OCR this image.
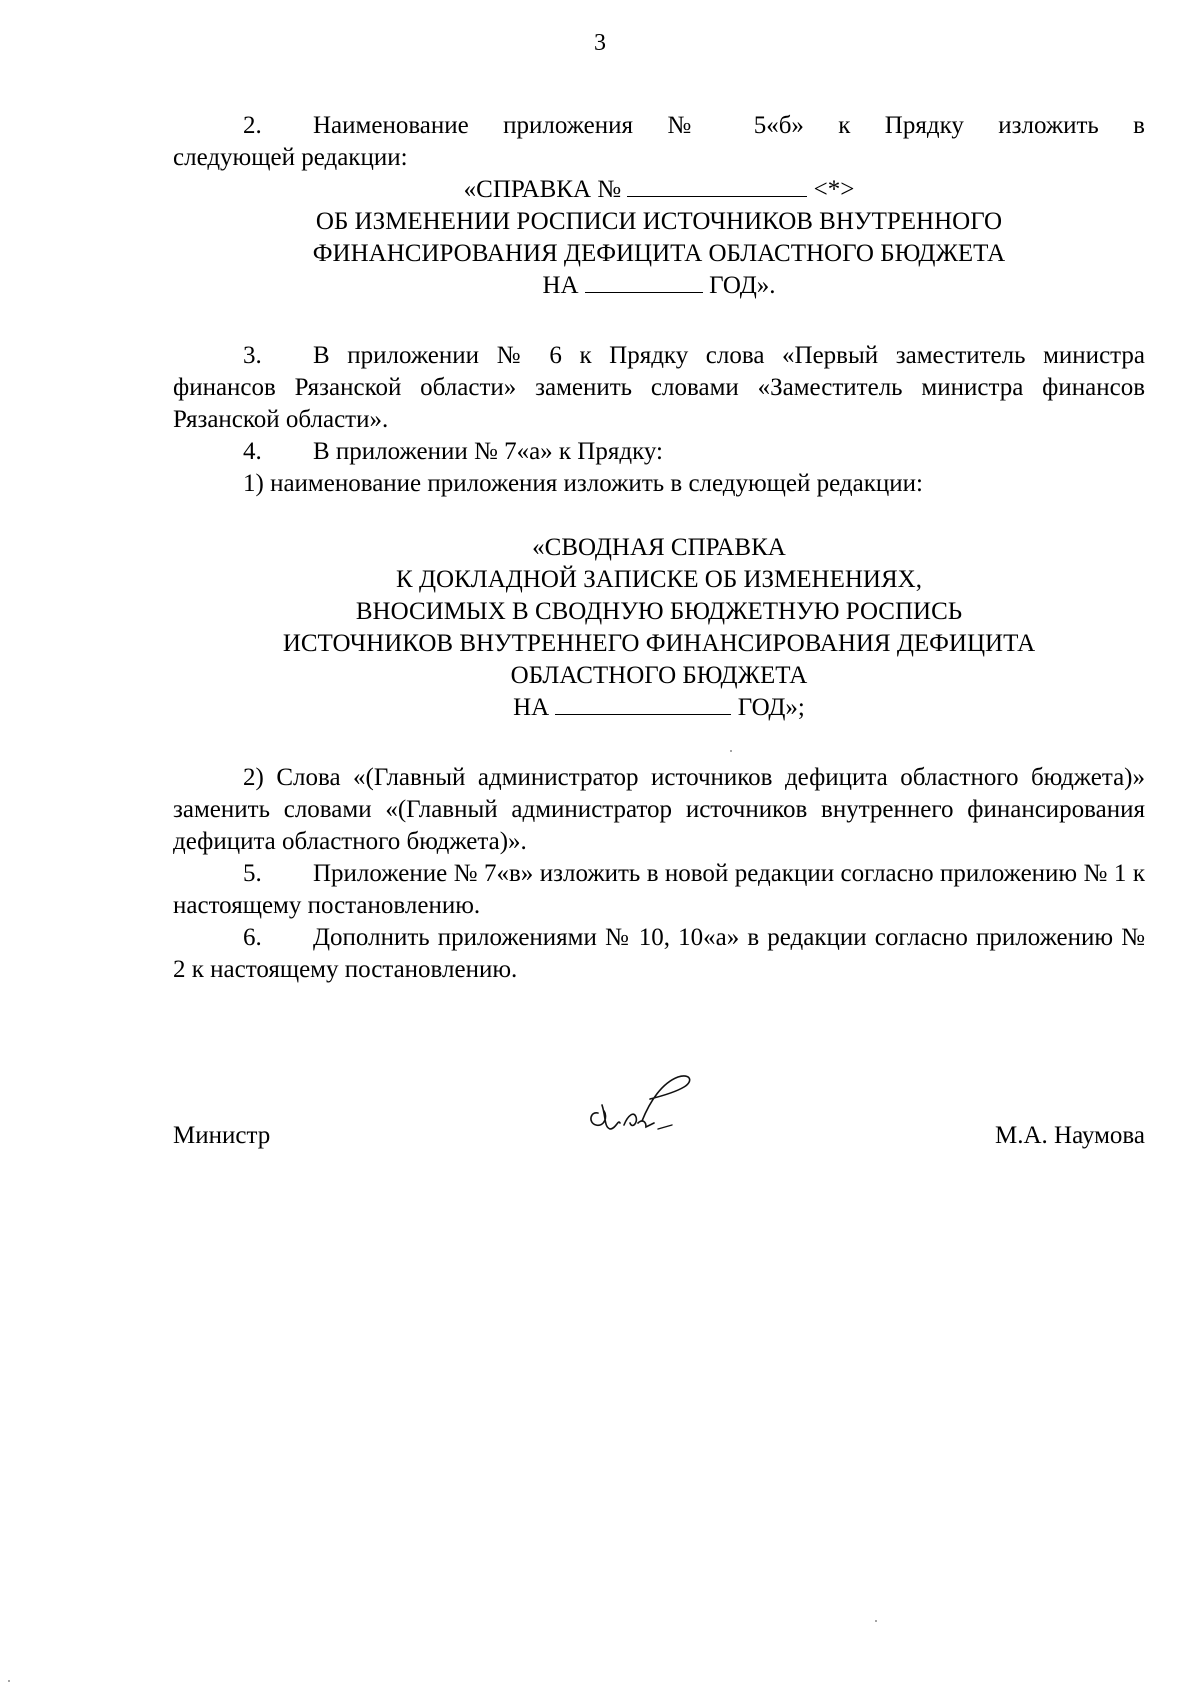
3
2. Наименование приложения № 5«б» к Прядку изложить в
следующей редакции:
«СПРАВКА №	<*>
ОБ ИЗМЕНЕНИИ РОСПИСИ ИСТОЧНИКОВ ВНУТРЕННОГО
ФИНАНСИРОВАНИЯ ДЕФИЦИТА ОБЛАСТНОГО БЮДЖЕТА
НА	ГОД».
3. В приложении № 6 к Прядку слова «Первый заместитель министра
финансов Рязанской области» заменить словами «Заместитель министра финансов Рязанской области».
4. В приложении № 7«а» к Прядку:
1) наименование приложения изложить в следующей редакции:
«СВОДНАЯ СПРАВКА
К ДОКЛАДНОЙ ЗАПИСКЕ ОБ ИЗМЕНЕНИЯХ,
ВНОСИМЫХ В СВОДНУЮ БЮДЖЕТНУЮ РОСПИСЬ
ИСТОЧНИКОВ ВНУТРЕННЕГО ФИНАНСИРОВАНИЯ ДЕФИЦИТА
ОБЛАСТНОГО БЮДЖЕТА
НА	ГОД»;
2) Слова «(Главный администратор источников дефицита областного бюджета)» заменить словами «(Главный администратор источников внутреннего финансирования дефицита областного бюджета)».
5. Приложение № 7«в» изложить в новой редакции согласно приложению № 1 к настоящему постановлению.
6. Дополнить приложениями № 10, 10«а» в редакции согласно приложению № 2 к настоящему постановлению.
Министр	М.А. Наумова
